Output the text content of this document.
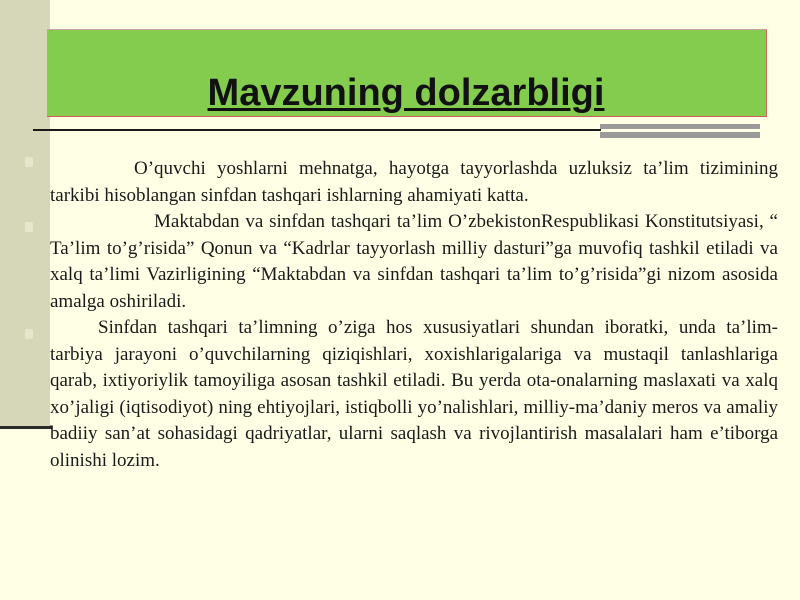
Mavzuning dolzarbligi

O’quvchi yoshlarni mehnatga, hayotga tayyorlashda uzluksiz ta’lim tizimining tarkibi hisoblangan sinfdan tashqari ishlarning ahamiyati katta.

Maktabdan va sinfdan tashqari ta’lim O’zbekistonRespublikasi Konstitutsiyasi, “ Ta’lim to’g’risida” Qonun va “Kadrlar tayyorlash milliy dasturi”ga muvofiq tashkil etiladi va xalq ta’limi Vazirligining “Maktabdan va sinfdan tashqari ta’lim to’g’risida”gi nizom asosida amalga oshiriladi.

Sinfdan tashqari ta’limning o’ziga hos xususiyatlari shundan iboratki, unda ta’lim-tarbiya jarayoni o’quvchilarning qiziqishlari, xoxishlarigalariga va mustaqil tanlashlariga qarab, ixtiyoriylik tamoyiliga asosan tashkil etiladi. Bu yerda ota-onalarning maslaxati va xalq xo’jaligi (iqtisodiyot) ning ehtiyojlari, istiqbolli yo’nalishlari, milliy-ma’daniy meros va amaliy badiiy san’at sohasidagi qadriyatlar, ularni saqlash va rivojlantirish masalalari ham e’tiborga olinishi lozim.
